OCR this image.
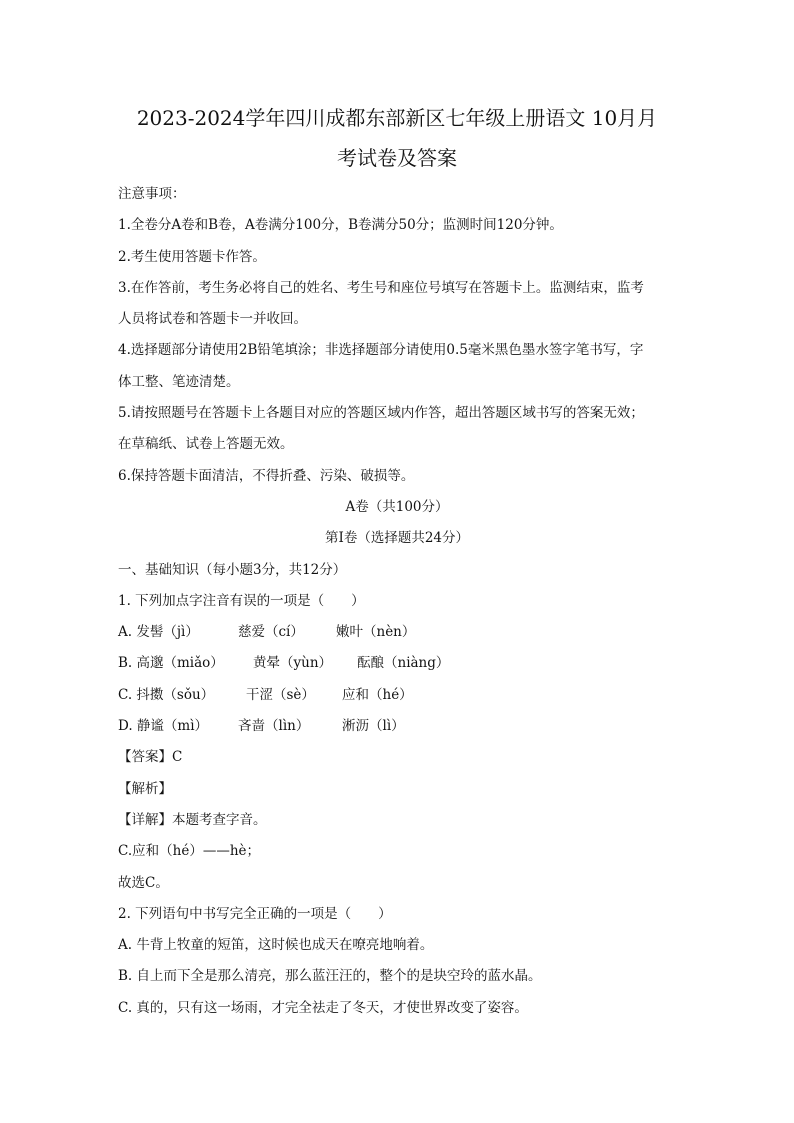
2023-2024学年四川成都东部新区七年级上册语文 10月月
考试卷及答案
注意事项：
1.全卷分A卷和B卷，A卷满分100分，B卷满分50分；监测时间120分钟。
2.考生使用答题卡作答。
3.在作答前，考生务必将自己的姓名、考生号和座位号填写在答题卡上。监测结束，监考
人员将试卷和答题卡一并收回。
4.选择题部分请使用2B铅笔填涂；非选择题部分请使用0.5毫米黑色墨水签字笔书写，字
体工整、笔迹清楚。
5.请按照题号在答题卡上各题目对应的答题区域内作答，超出答题区域书写的答案无效；
在草稿纸、试卷上答题无效。
6.保持答题卡面清洁，不得折叠、污染、破损等。
A卷（共100分）
第Ⅰ卷（选择题共24分）
一、基础知识（每小题3分，共12分）
1. 下列加点字注音有误的一项是（　　）
A. 发髻（jì）	慈爱（cí） 嫩叶（nèn）
B. 高邈（miǎo） 黄晕（yùn） 酝酿（niàng）
C. 抖擞（sǒu） 干涩（sè） 应和（hé）
D. 静谧（mì） 吝啬（lìn） 淅沥（lì）
【答案】C
【解析】
【详解】本题考查字音。
C.应和（hé）——hè；
故选C。
2. 下列语句中书写完全正确的一项是（　　）
A. 牛背上牧童的短笛，这时候也成天在嘹亮地响着。
B. 自上而下全是那么清亮，那么蓝汪汪的，整个的是块空玲的蓝水晶。
C. 真的，只有这一场雨，才完全祛走了冬天，才使世界改变了姿容。
